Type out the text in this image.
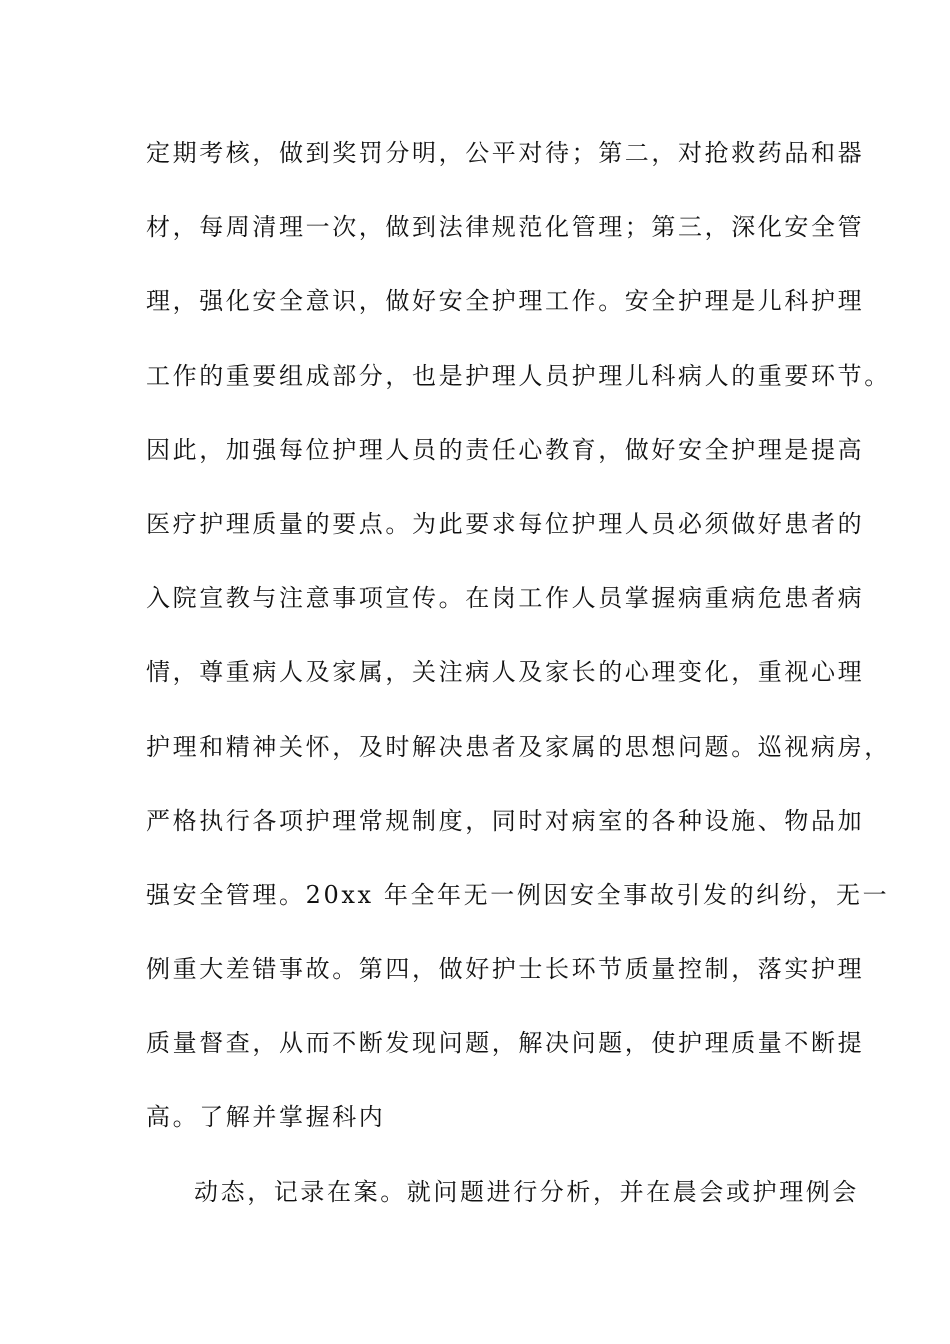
定期考核，做到奖罚分明，公平对待；第二，对抢救药品和器
材，每周清理一次，做到法律规范化管理；第三，深化安全管
理，强化安全意识，做好安全护理工作。安全护理是儿科护理
工作的重要组成部分，也是护理人员护理儿科病人的重要环节。
因此，加强每位护理人员的责任心教育，做好安全护理是提高
医疗护理质量的要点。为此要求每位护理人员必须做好患者的
入院宣教与注意事项宣传。在岗工作人员掌握病重病危患者病
情，尊重病人及家属，关注病人及家长的心理变化，重视心理
护理和精神关怀，及时解决患者及家属的思想问题。巡视病房，
严格执行各项护理常规制度，同时对病室的各种设施、物品加
强安全管理。20xx 年全年无一例因安全事故引发的纠纷，无一
例重大差错事故。第四，做好护士长环节质量控制，落实护理
质量督查，从而不断发现问题，解决问题，使护理质量不断提
高。了解并掌握科内
动态，记录在案。就问题进行分析，并在晨会或护理例会
